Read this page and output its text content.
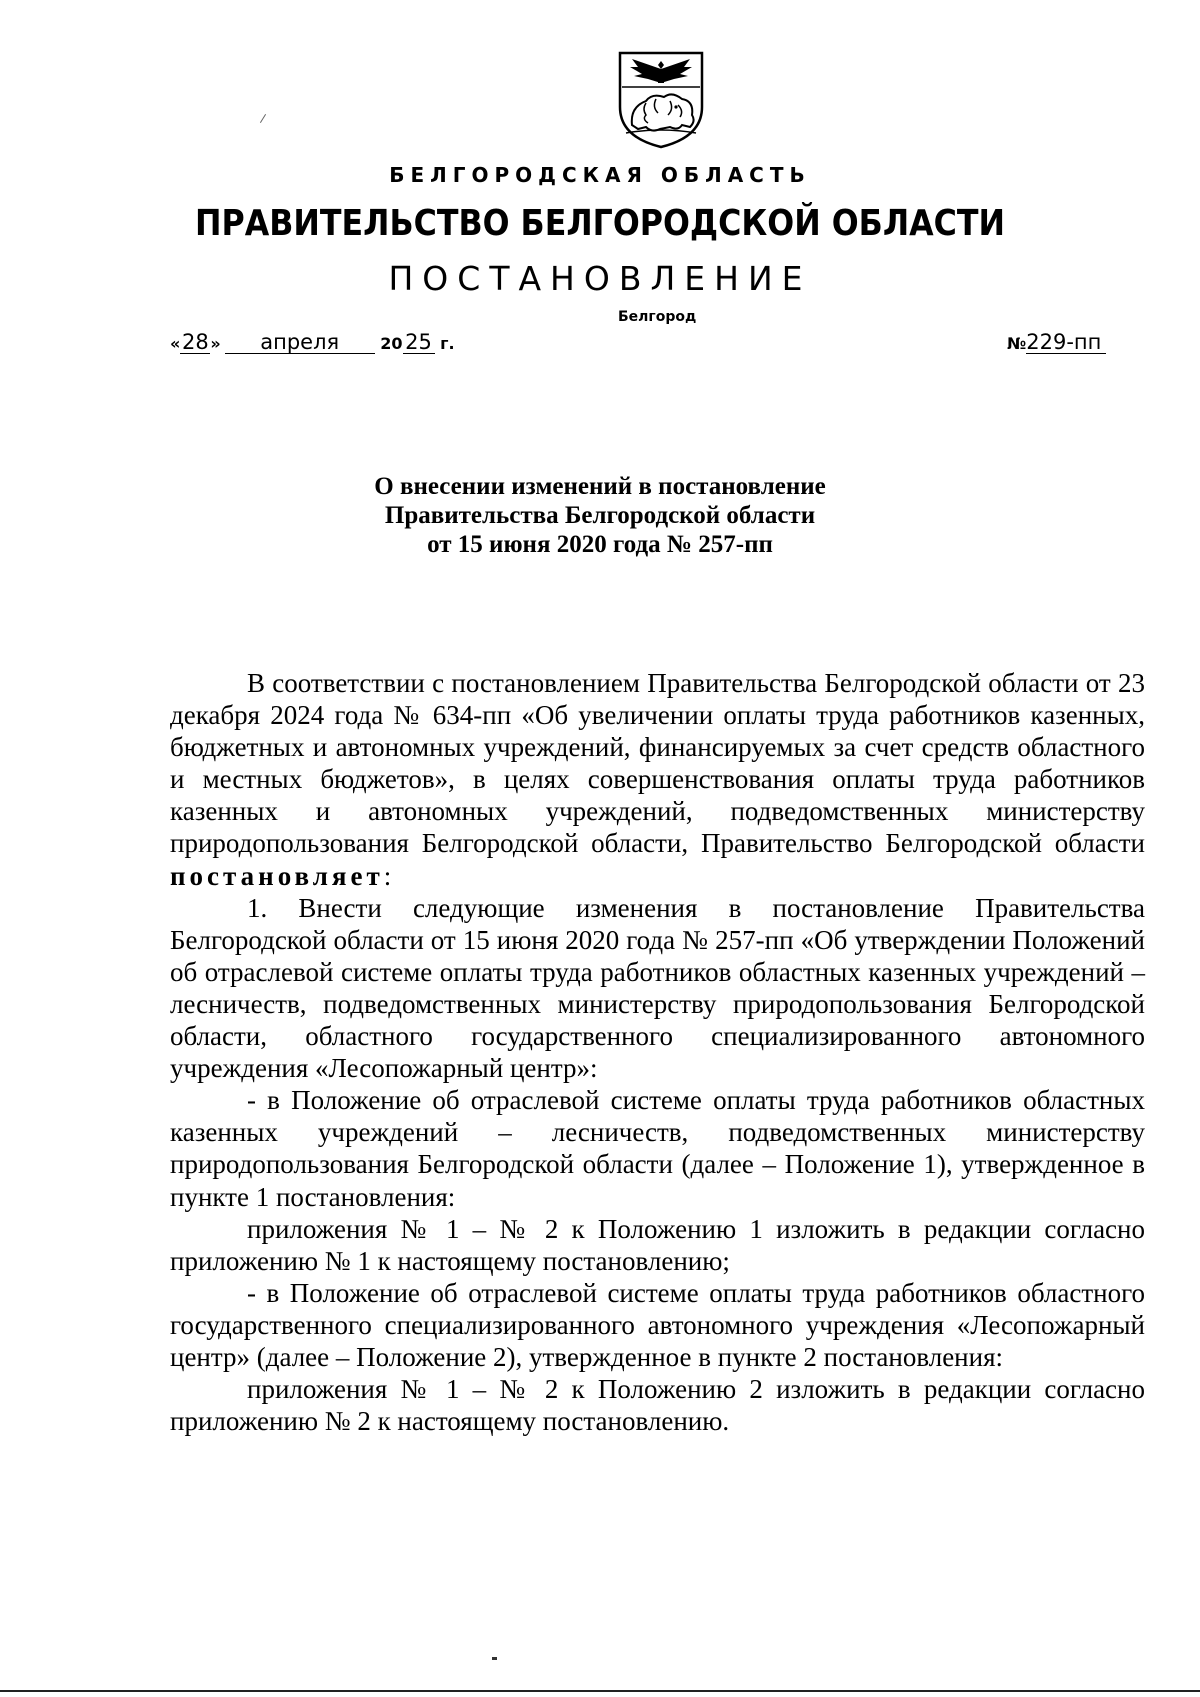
БЕЛГОРОДСКАЯ ОБЛАСТЬ
ПРАВИТЕЛЬСТВО БЕЛГОРОДСКОЙ ОБЛАСТИ
ПОСТАНОВЛЕНИЕ
Белгород
«28 » апреля	20 25 г.	№229-пп
О внесении изменений в постановление
Правительства Белгородской области
от 15 июня 2020 года № 257-пп

В соответствии с постановлением Правительства Белгородской области от 23 декабря 2024 года № 634-пп «Об увеличении оплаты труда работников казенных, бюджетных и автономных учреждений, финансируемых за счет средств областного и местных бюджетов», в целях совершенствования оплаты труда работников казенных и автономных учреждений, подведомственных министерству природопользования Белгородской области, Правительство Белгородской области постановляет:

1. Внести следующие изменения в постановление Правительства Белгородской области от 15 июня 2020 года № 257-пп «Об утверждении Положений об отраслевой системе оплаты труда работников областных казенных учреждений – лесничеств, подведомственных министерству природопользования Белгородской области, областного государственного специализированного автономного учреждения «Лесопожарный центр»:

- в Положение об отраслевой системе оплаты труда работников областных казенных учреждений – лесничеств, подведомственных министерству природопользования Белгородской области (далее – Положение 1), утвержденное в пункте 1 постановления:

приложения № 1 – № 2 к Положению 1 изложить в редакции согласно приложению № 1 к настоящему постановлению;

- в Положение об отраслевой системе оплаты труда работников областного государственного специализированного автономного учреждения «Лесопожарный центр» (далее – Положение 2), утвержденное в пункте 2 постановления:

приложения № 1 – № 2 к Положению 2 изложить в редакции согласно приложению № 2 к настоящему постановлению.
